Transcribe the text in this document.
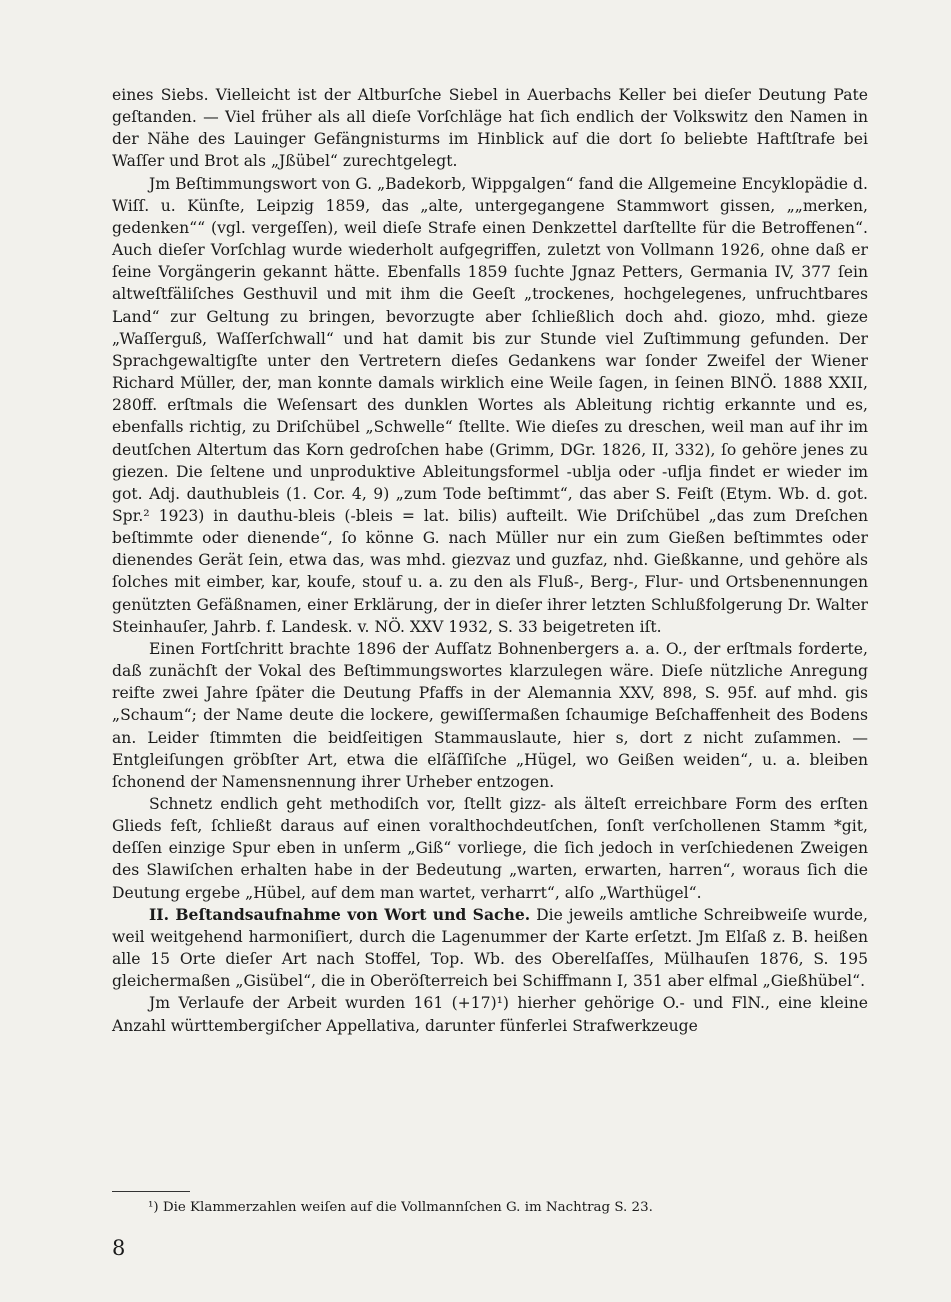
eines Siebs. Vielleicht ist der Altburſche Siebel in Auerbachs Keller bei dieſer Deutung Pate geſtanden. — Viel früher als all dieſe Vorſchläge hat ſich endlich der Volkswitz den Namen in der Nähe des Lauinger Gefängnisturms im Hinblick auf die dort ſo beliebte Haftſtrafe bei Waſſer und Brot als „Jßübel“ zurechtgelegt.

Jm Beſtimmungswort von G. „Badekorb, Wippgalgen“ fand die Allgemeine Encyklopädie d. Wiſſ. u. Künſte, Leipzig 1859, das „alte, untergegangene Stammwort gissen, „„merken, gedenken““ (vgl. vergeſſen), weil dieſe Strafe einen Denkzettel darſtellte für die Betroffenen“. Auch dieſer Vorſchlag wurde wiederholt aufgegriffen, zuletzt von Vollmann 1926, ohne daß er ſeine Vorgängerin gekannt hätte. Ebenfalls 1859 ſuchte Jgnaz Petters, Germania IV, 377 ſein altweſtfäliſches Gesthuvil und mit ihm die Geeſt „trockenes, hochgelegenes, unfruchtbares Land“ zur Geltung zu bringen, bevorzugte aber ſchließlich doch ahd. giozo, mhd. gieze „Waſſerguß, Waſſerſchwall“ und hat damit bis zur Stunde viel Zuſtimmung gefunden. Der Sprachgewaltigſte unter den Vertretern dieſes Gedankens war ſonder Zweifel der Wiener Richard Müller, der, man konnte damals wirklich eine Weile ſagen, in ſeinen BlNÖ. 1888 XXII, 280ff. erſtmals die Weſensart des dunklen Wortes als Ableitung richtig erkannte und es, ebenfalls richtig, zu Driſchübel „Schwelle“ ſtellte. Wie dieſes zu dreschen, weil man auf ihr im deutſchen Altertum das Korn gedroſchen habe (Grimm, DGr. 1826, II, 332), ſo gehöre jenes zu giezen. Die ſeltene und unproduktive Ableitungsformel -ublja oder -uflja findet er wieder im got. Adj. dauthubleis (1. Cor. 4, 9) „zum Tode beſtimmt“, das aber S. Feiſt (Etym. Wb. d. got. Spr.² 1923) in dauthu-bleis (-bleis = lat. bilis) aufteilt. Wie Driſchübel „das zum Dreſchen beſtimmte oder dienende“, ſo könne G. nach Müller nur ein zum Gießen beſtimmtes oder dienendes Gerät ſein, etwa das, was mhd. giezvaz und guzfaz, nhd. Gießkanne, und gehöre als ſolches mit eimber, kar, koufe, stouf u. a. zu den als Fluß-, Berg-, Flur- und Ortsbenennungen genützten Gefäßnamen, einer Erklärung, der in dieſer ihrer letzten Schlußfolgerung Dr. Walter Steinhauſer, Jahrb. f. Landesk. v. NÖ. XXV 1932, S. 33 beigetreten iſt.

Einen Fortſchritt brachte 1896 der Aufſatz Bohnenbergers a. a. O., der erſtmals forderte, daß zunächſt der Vokal des Beſtimmungswortes klarzulegen wäre. Dieſe nützliche Anregung reifte zwei Jahre ſpäter die Deutung Pfaffs in der Alemannia XXV, 898, S. 95f. auf mhd. gis „Schaum“; der Name deute die lockere, gewiſſermaßen ſchaumige Beſchaffenheit des Bodens an. Leider ſtimmten die beidſeitigen Stammauslaute, hier s, dort z nicht zuſammen. — Entgleiſungen gröbſter Art, etwa die elſäſſiſche „Hügel, wo Geißen weiden“, u. a. bleiben ſchonend der Namensnennung ihrer Urheber entzogen.

Schnetz endlich geht methodiſch vor, ſtellt gizz- als älteſt erreichbare Form des erſten Glieds feſt, ſchließt daraus auf einen voralthochdeutſchen, ſonſt verſchollenen Stamm *git, deſſen einzige Spur eben in unſerm „Giß“ vorliege, die ſich jedoch in verſchiedenen Zweigen des Slawiſchen erhalten habe in der Bedeutung „warten, erwarten, harren“, woraus ſich die Deutung ergebe „Hübel, auf dem man wartet, verharrt“, alſo „Warthügel“.

II. Beſtandsaufnahme von Wort und Sache. Die jeweils amtliche Schreibweiſe wurde, weil weitgehend harmoniſiert, durch die Lagenummer der Karte erſetzt. Jm Elſaß z. B. heißen alle 15 Orte dieſer Art nach Stoffel, Top. Wb. des Oberelſaſſes, Mülhauſen 1876, S. 195 gleichermaßen „Gisübel“, die in Oberöſterreich bei Schiffmann I, 351 aber elfmal „Gießhübel“.

Jm Verlaufe der Arbeit wurden 161 (+17)¹) hierher gehörige O.- und FlN., eine kleine Anzahl württembergiſcher Appellativa, darunter fünferlei Strafwerkzeuge

¹) Die Klammerzahlen weiſen auf die Vollmannſchen G. im Nachtrag S. 23.
8
